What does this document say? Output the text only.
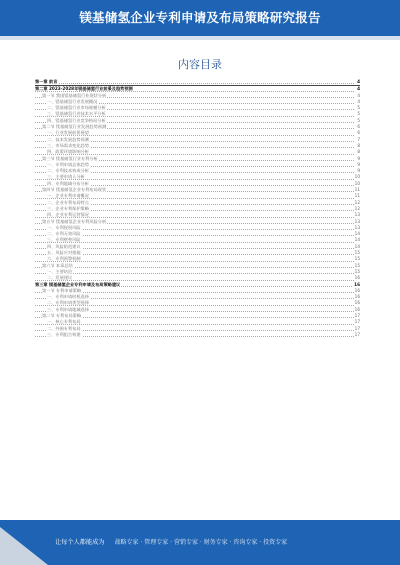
镁基储氢企业专利申请及布局策略研究报告
内容目录
第一章 前言	4
第二章 2023-2028年镁基储氢行业前景及趋势预测	4
第一节 我国镁基储氢行业现状分析	4
一、镁基储氢行业发展概况	4
二、镁基储氢行业市场规模分析	5
三、镁基储氢行业技术水平分析	5
四、镁基储氢行业竞争格局分析	5
第二节 镁基储氢行业发展趋势预测	6
一、行业发展前景展望	6
二、技术发展趋势预测	7
三、市场需求变化趋势	8
四、政策环境影响分析	8
第三节 镁基储氢行业专利分析	9
一、专利申请总体趋势	9
二、专利技术构成分析	9
三、主要申请人分析	10
四、专利地域分布分析	10
第四节 镁基储氢企业专利布局现状	11
一、企业专利申请概况	11
二、企业专利布局特点	12
三、企业专利保护策略	12
四、企业专利运营情况	13
第五节 镁基储氢企业专利风险分析	13
一、专利侵权风险	13
二、专利无效风险	14
三、专利壁垒风险	14
四、风险防范建议	14
五、风险应对措施	15
六、专利预警机制	15
第六节 本章总结	15
一、主要结论	15
二、发展建议	16
第三章 镁基储氢企业专利申请及布局策略建议	16
第一节 专利申请策略	16
一、专利申请时机选择	16
二、专利申请类型选择	16
三、专利申请地域选择	16
第二节 专利布局策略	17
一、核心专利布局	17
二、外围专利布局	17
三、专利组合构建	17
让每个人都能成为 战略专家 · 管理专家 · 营销专家 · 财务专家 · 咨询专家 · 投资专家
